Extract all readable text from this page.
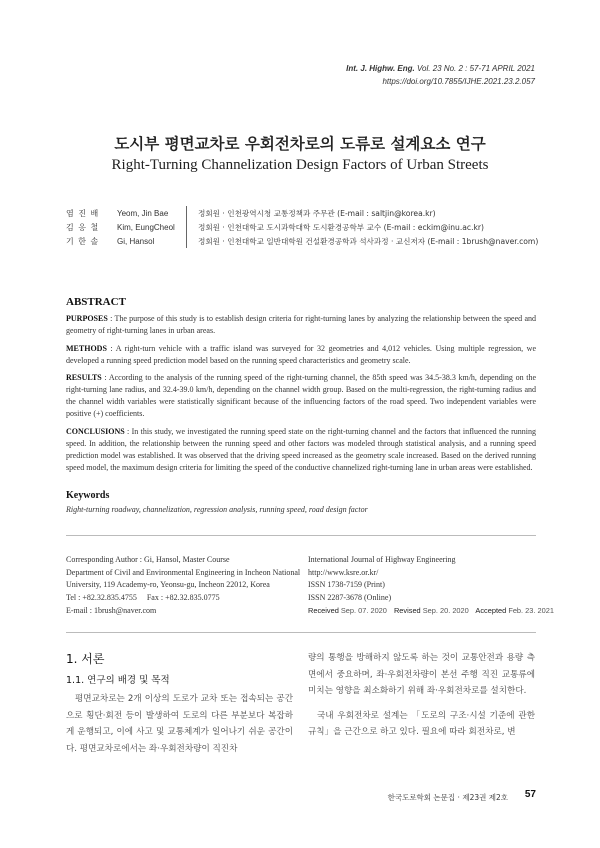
Int. J. Highw. Eng. Vol. 23 No. 2 : 57-71 APRIL 2021
https://doi.org/10.7855/IJHE.2021.23.2.057
도시부 평면교차로 우회전차로의 도류로 설계요소 연구
Right-Turning Channelization Design Factors of Urban Streets
염 진 배 Yeom, Jin Bae	정회원 · 인천광역시청 교통정책과 주무관 (E-mail : saltjin@korea.kr)
김 응 철 Kim, EungCheol	정회원 · 인천대학교 도시과학대학 도시환경공학부 교수 (E-mail : eckim@inu.ac.kr)
기 한 솔 Gi, Hansol	정회원 · 인천대학교 일반대학원 건설환경공학과 석사과정 · 교신저자 (E-mail : 1brush@naver.com)
ABSTRACT
PURPOSES : The purpose of this study is to establish design criteria for right-turning lanes by analyzing the relationship between the speed and geometry of right-turning lanes in urban areas.
METHODS : A right-turn vehicle with a traffic island was surveyed for 32 geometries and 4,012 vehicles. Using multiple regression, we developed a running speed prediction model based on the running speed characteristics and geometry scale.
RESULTS : According to the analysis of the running speed of the right-turning channel, the 85th speed was 34.5-38.3 km/h, depending on the right-turning lane radius, and 32.4-39.0 km/h, depending on the channel width group. Based on the multi-regression, the right-turning radius and the channel width variables were statistically significant because of the influencing factors of the road speed. Two independent variables were positive (+) coefficients.
CONCLUSIONS : In this study, we investigated the running speed state on the right-turning channel and the factors that influenced the running speed. In addition, the relationship between the running speed and other factors was modeled through statistical analysis, and a running speed prediction model was established. It was observed that the driving speed increased as the geometry scale increased. Based on the derived running speed model, the maximum design criteria for limiting the speed of the conductive channelized right-turning lane in urban areas were established.
Keywords
Right-turning roadway, channelization, regression analysis, running speed, road design factor
Corresponding Author : Gi, Hansol, Master Course
Department of Civil and Environmental Engineering in Incheon National
University, 119 Academy-ro, Yeonsu-gu, Incheon 22012, Korea
Tel : +82.32.835.4755 Fax : +82.32.835.0775
E-mail : 1brush@naver.com
International Journal of Highway Engineering
http://www.ksre.or.kr/
ISSN 1738-7159 (Print)
ISSN 2287-3678 (Online)
Received Sep. 07. 2020 Revised Sep. 20. 2020 Accepted Feb. 23. 2021
1. 서론
1.1. 연구의 배경 및 목적

평면교차로는 2개 이상의 도로가 교차 또는 접속되는 공간으로 횡단·회전 등이 발생하여 도로의 다른 부분보다 복잡하게 운행되고, 이에 사고 및 교통체계가 일어나기 쉬운 공간이다. 평면교차로에서는 좌·우회전차량이 직진차

량의 통행을 방해하지 않도록 하는 것이 교통안전과 용량 측면에서 중요하며, 좌·우회전차량이 본선 주행 직진 교통류에 미치는 영향을 최소화하기 위해 좌·우회전차로를 설치한다.

국내 우회전차로 설계는 「도로의 구조·시설 기준에 관한 규칙」을 근간으로 하고 있다. 필요에 따라 회전차로, 변

한국도로학회 논문집 · 제23권 제2호 57
